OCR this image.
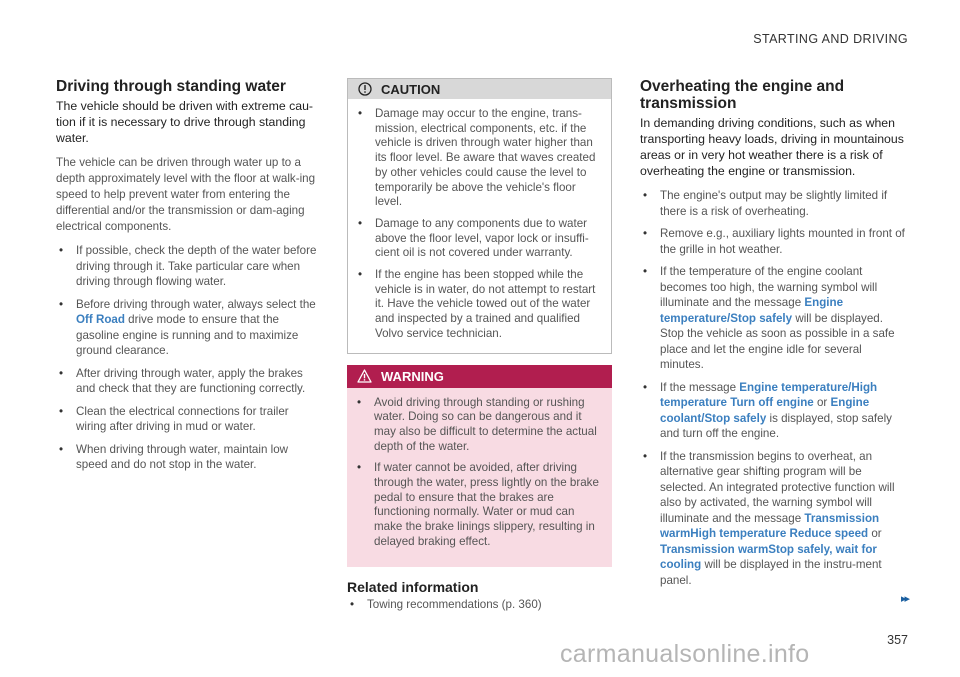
STARTING AND DRIVING
Driving through standing water

The vehicle should be driven with extreme cau-tion if it is necessary to drive through standing water.

The vehicle can be driven through water up to a depth approximately level with the floor at walk-ing speed to help prevent water from entering the differential and/or the transmission or dam-aging electrical components.

• If possible, check the depth of the water before driving through it. Take particular care when driving through flowing water.
• Before driving through water, always select the Off Road drive mode to ensure that the gasoline engine is running and to maximize ground clearance.
• After driving through water, apply the brakes and check that they are functioning correctly.
• Clean the electrical connections for trailer wiring after driving in mud or water.
• When driving through water, maintain low speed and do not stop in the water.
CAUTION
• Damage may occur to the engine, trans-mission, electrical components, etc. if the vehicle is driven through water higher than its floor level. Be aware that waves created by other vehicles could cause the level to temporarily be above the vehicle's floor level.
• Damage to any components due to water above the floor level, vapor lock or insuffi-cient oil is not covered under warranty.
• If the engine has been stopped while the vehicle is in water, do not attempt to restart it. Have the vehicle towed out of the water and inspected by a trained and qualified Volvo service technician.
WARNING
• Avoid driving through standing or rushing water. Doing so can be dangerous and it may also be difficult to determine the actual depth of the water.
• If water cannot be avoided, after driving through the water, press lightly on the brake pedal to ensure that the brakes are functioning normally. Water or mud can make the brake linings slippery, resulting in delayed braking effect.
Related information
• Towing recommendations (p. 360)
Overheating the engine and transmission

In demanding driving conditions, such as when transporting heavy loads, driving in mountainous areas or in very hot weather there is a risk of overheating the engine or transmission.

• The engine's output may be slightly limited if there is a risk of overheating.
• Remove e.g., auxiliary lights mounted in front of the grille in hot weather.
• If the temperature of the engine coolant becomes too high, the warning symbol will illuminate and the message Engine temperature/Stop safely will be displayed. Stop the vehicle as soon as possible in a safe place and let the engine idle for several minutes.
• If the message Engine temperature/High temperature Turn off engine or Engine coolant/Stop safely is displayed, stop safely and turn off the engine.
• If the transmission begins to overheat, an alternative gear shifting program will be selected. An integrated protective function will also by activated, the warning symbol will illuminate and the message Transmission warmHigh temperature Reduce speed or Transmission warmStop safely, wait for cooling will be displayed in the instru-ment panel.
▸▸
357
carmanualsonline.info
